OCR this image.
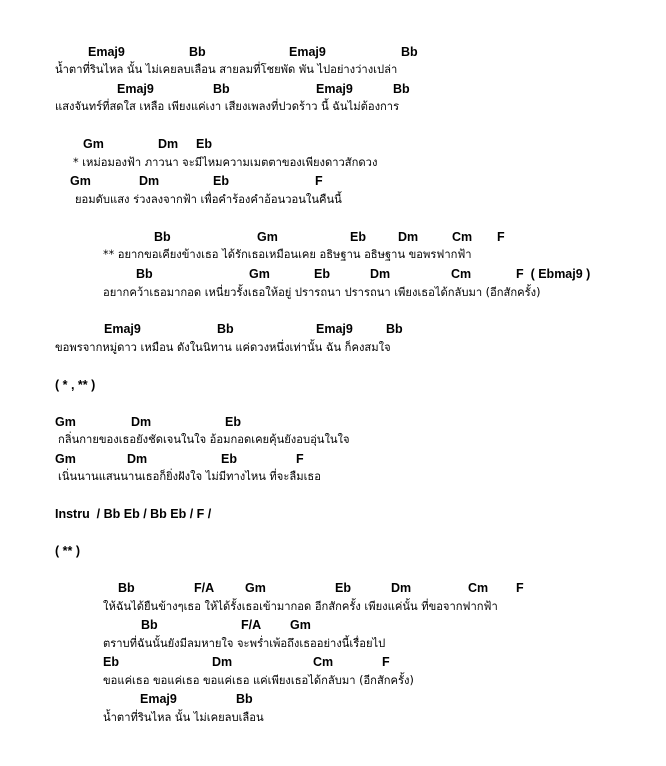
Emaj9	Bb	Emaj9	Bb
น้ำตาที่รินไหล นั้น ไม่เคยลบเลือน สายลมที่โชยพัด พัน ไปอย่างว่างเปล่า
Emaj9	Bb	Emaj9	Bb
แสงจันทร์ที่สดใส เหลือ เพียงแค่เงา เสียงเพลงที่ปวดร้าว นี้ ฉันไม่ต้องการ
Gm	Dm Eb
* เหม่อมองฟ้า ภาวนา จะมีไหมความเมตตาของเพียงดาวสักดวง
Gm	Dm	Eb	F
ยอมดับแสง ร่วงลงจากฟ้า เพื่อคำร้องคำอ้อนวอนในคืนนี้
Bb	Gm	Eb	Dm	Cm F
** อยากขอเคียงข้างเธอ ได้รักเธอเหมือนเคย อธิษฐาน อธิษฐาน ขอพรฟากฟ้า
Bb	Gm	Eb	Dm	Cm	F  ( Ebmaj9 )
อยากคว้าเธอมากอด เหนี่ยวรั้งเธอให้อยู่ ปรารถนา ปรารถนา เพียงเธอได้กลับมา (อีกสักครั้ง)
Emaj9	Bb	Emaj9	Bb
ขอพรจากหมู่ดาว เหมือน ดังในนิทาน แค่ดวงหนึ่งเท่านั้น ฉัน ก็คงสมใจ
( * , ** )
Gm	Dm	Eb
กลิ่นกายของเธอยังชัดเจนในใจ อ้อมกอดเคยคุ้นยังอบอุ่นในใจ
Gm	Dm	Eb	F
เนิ่นนานแสนนานเธอก็ยิ่งฝังใจ ไม่มีทางไหน ที่จะลืมเธอ
Instru  / Bb Eb / Bb Eb / F /
( ** )
Bb	F/A Gm	Eb	Dm	Cm F
ให้ฉันได้ยืนข้างๆเธอ ให้ได้รั้งเธอเข้ามากอด อีกสักครั้ง เพียงแค่นั้น ที่ขอจากฟากฟ้า
Bb	F/A Gm
ตราบที่ฉันนั้นยังมีลมหายใจ จะพร่ำเพ้อถึงเธออย่างนี้เรื่อยไป
Eb	Dm	Cm	F
ขอแค่เธอ ขอแค่เธอ ขอแค่เธอ แค่เพียงเธอได้กลับมา (อีกสักครั้ง)
Emaj9	Bb
น้ำตาที่รินไหล นั้น ไม่เคยลบเลือน
